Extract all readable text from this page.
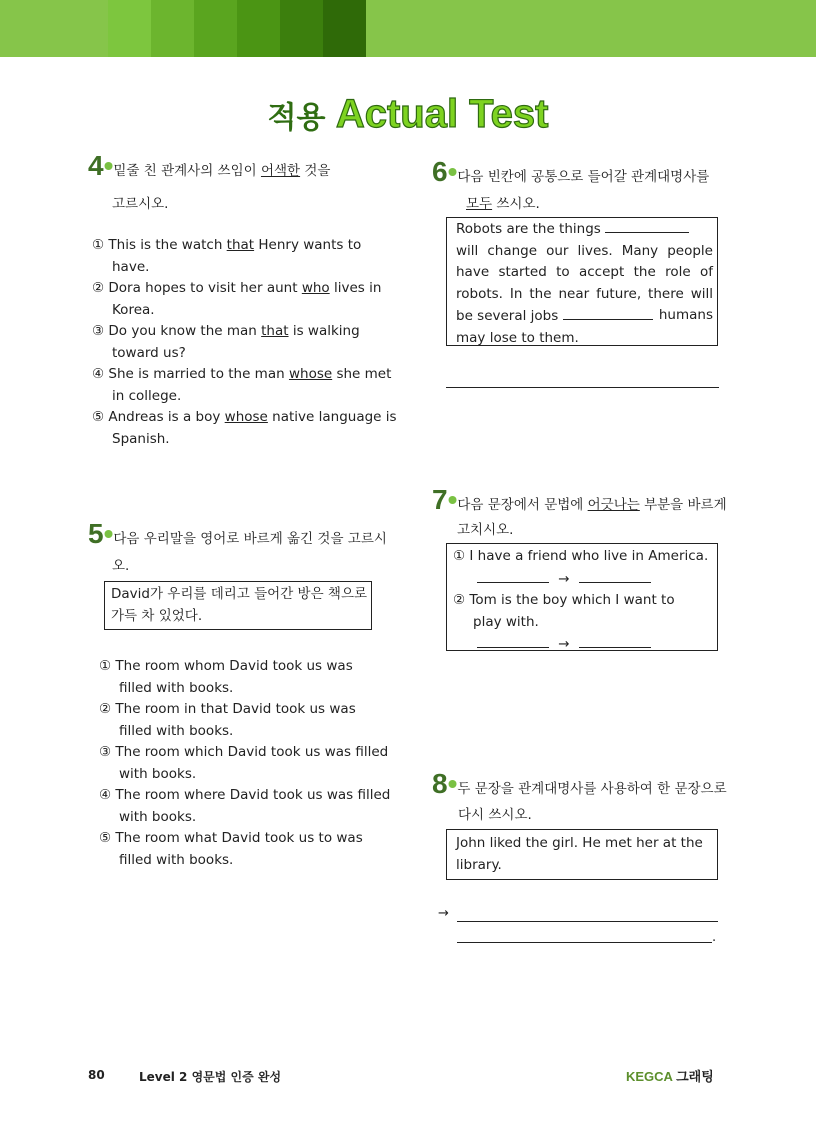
적용 Actual Test
4•밑줄 친 관계사의 쓰임이 어색한 것을
고르시오.
① This is the watch that Henry wants to
have.
② Dora hopes to visit her aunt who lives in
Korea.
③ Do you know the man that is walking
toward us?
④ She is married to the man whose she met
in college.
⑤ Andreas is a boy whose native language is
Spanish.
5•다음 우리말을 영어로 바르게 옮긴 것을 고르시
오.
David가 우리를 데리고 들어간 방은 책으로
가득 차 있었다.
① The room whom David took us was
filled with books.
② The room in that David took us was
filled with books.
③ The room which David took us was filled
with books.
④ The room where David took us was filled
with books.
⑤ The room what David took us to was
filled with books.
6•다음 빈칸에 공통으로 들어갈 관계대명사를
모두 쓰시오.
Robots are the things
will change our lives. Many people
have started to accept the role of
robots. In the near future, there will
be several jobs	humans
may lose to them.
7•다음 문장에서 문법에 어긋나는 부분을 바르게
고치시오.
① I have a friend who live in America.
→
② Tom is the boy which I want to
play with.
→
8•두 문장을 관계대명사를 사용하여 한 문장으로
다시 쓰시오.
John liked the girl. He met her at the
library.
→
.
80	Level 2 영문법 인증 완성	KEGCA 그래팅
